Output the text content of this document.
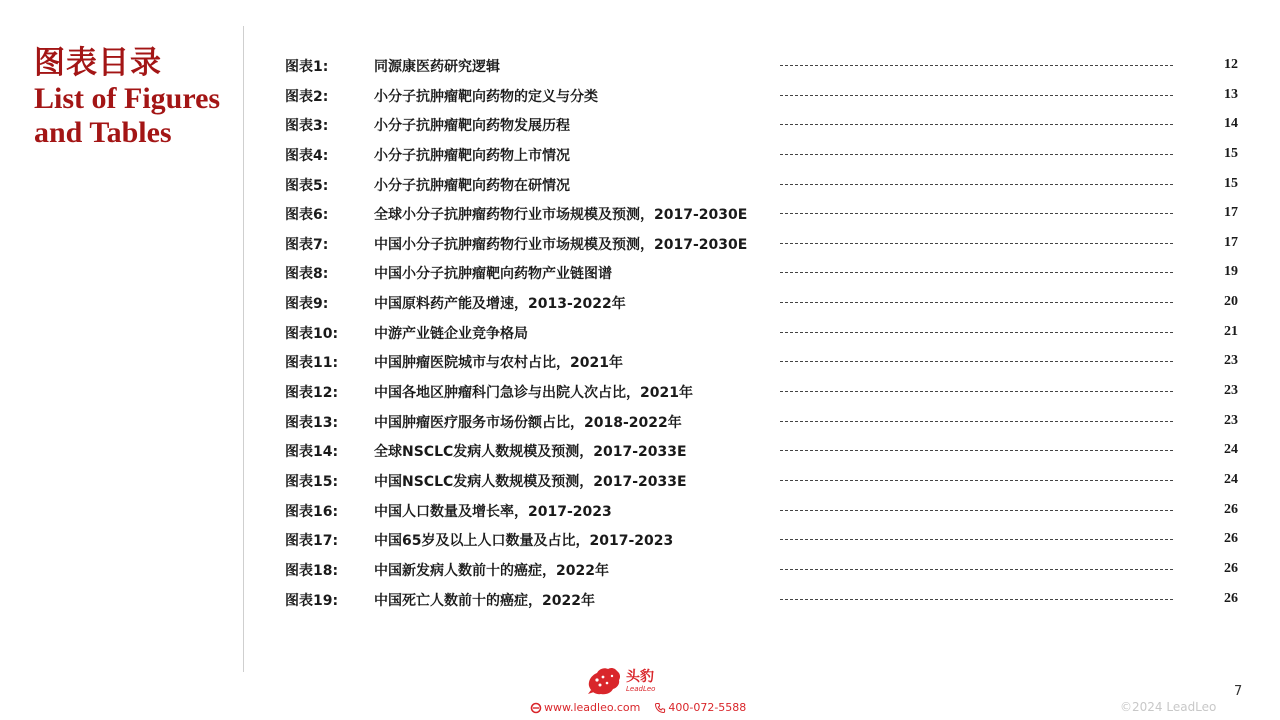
图表目录
List of Figures
and Tables
图表1:	同源康医药研究逻辑	12
图表2:	小分子抗肿瘤靶向药物的定义与分类	13
图表3:	小分子抗肿瘤靶向药物发展历程	14
图表4:	小分子抗肿瘤靶向药物上市情况	15
图表5:	小分子抗肿瘤靶向药物在研情况	15
图表6:	全球小分子抗肿瘤药物行业市场规模及预测，2017-2030E	17
图表7:	中国小分子抗肿瘤药物行业市场规模及预测，2017-2030E	17
图表8:	中国小分子抗肿瘤靶向药物产业链图谱	19
图表9:	中国原料药产能及增速，2013-2022年	20
图表10:	中游产业链企业竞争格局	21
图表11:	中国肿瘤医院城市与农村占比，2021年	23
图表12:	中国各地区肿瘤科门急诊与出院人次占比，2021年	23
图表13:	中国肿瘤医疗服务市场份额占比，2018-2022年	23
图表14:	全球NSCLC发病人数规模及预测，2017-2033E	24
图表15:	中国NSCLC发病人数规模及预测，2017-2033E	24
图表16:	中国人口数量及增长率，2017-2023	26
图表17:	中国65岁及以上人口数量及占比，2017-2023	26
图表18:	中国新发病人数前十的癌症，2022年	26
图表19:	中国死亡人数前十的癌症，2022年	26
头豹
LeadLeo
www.leadleo.com	400-072-5588
7
©2024 LeadLeo
